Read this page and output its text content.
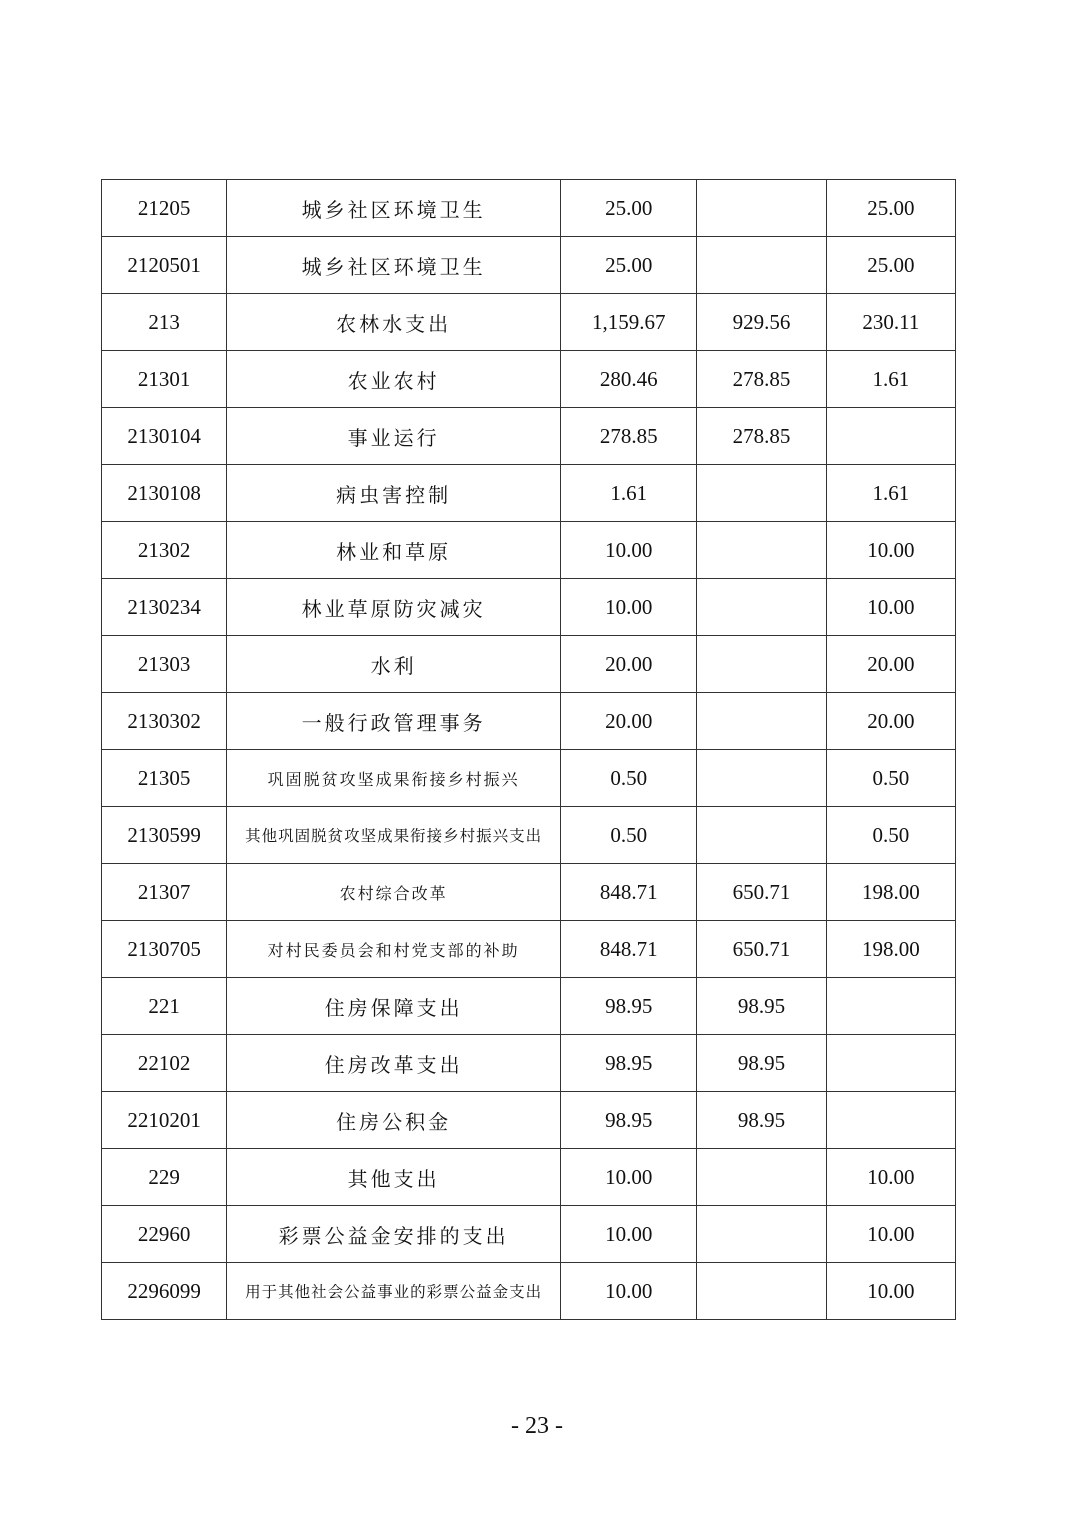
21205	城乡社区环境卫生	25.00		25.00
2120501	城乡社区环境卫生	25.00		25.00
213	农林水支出	1,159.67	929.56	230.11
21301	农业农村	280.46	278.85	1.61
2130104	事业运行	278.85	278.85	
2130108	病虫害控制	1.61		1.61
21302	林业和草原	10.00		10.00
2130234	林业草原防灾减灾	10.00		10.00
21303	水利	20.00		20.00
2130302	一般行政管理事务	20.00		20.00
21305	巩固脱贫攻坚成果衔接乡村振兴	0.50		0.50
2130599	其他巩固脱贫攻坚成果衔接乡村振兴支出	0.50		0.50
21307	农村综合改革	848.71	650.71	198.00
2130705	对村民委员会和村党支部的补助	848.71	650.71	198.00
221	住房保障支出	98.95	98.95	
22102	住房改革支出	98.95	98.95	
2210201	住房公积金	98.95	98.95	
229	其他支出	10.00		10.00
22960	彩票公益金安排的支出	10.00		10.00
2296099	用于其他社会公益事业的彩票公益金支出	10.00		10.00
- 23 -
